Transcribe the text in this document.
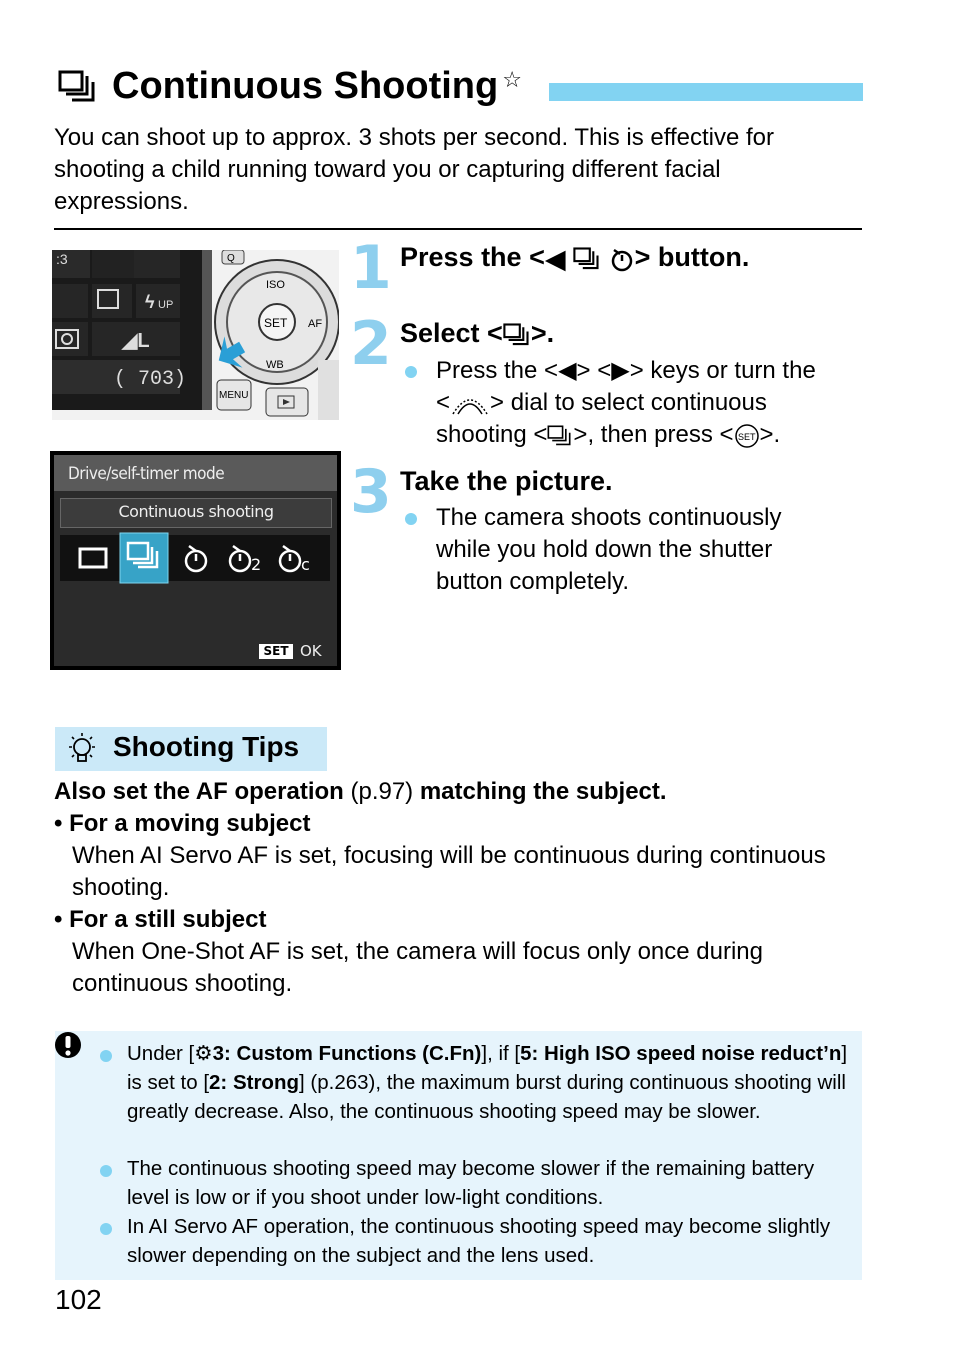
Continuous Shooting ☆
You can shoot up to approx. 3 shots per second. This is effective for shooting a child running toward you or capturing different facial expressions.
:3
ϟ UP
◢L
( 703)
Q
SET
ISO
AF
WB
MENU
Drive/self-timer mode
Continuous shooting
2 c
SET OK
1 Press the <◀	> button.
2 Select < >.
Press the <◀> <▶> keys or turn the
< > dial to select continuous
shooting < >, then press < SET >.
3 Take the picture.
The camera shoots continuously while you hold down the shutter button completely.
Shooting Tips
Also set the AF operation (p.97) matching the subject.
• For a moving subject
When AI Servo AF is set, focusing will be continuous during continuous shooting.
• For a still subject
When One-Shot AF is set, the camera will focus only once during continuous shooting.
Under [⚙3: Custom Functions (C.Fn)], if [5: High ISO speed noise reduct’n] is set to [2: Strong] (p.263), the maximum burst during continuous shooting will greatly decrease. Also, the continuous shooting speed may be slower.
The continuous shooting speed may become slower if the remaining battery level is low or if you shoot under low-light conditions.
In AI Servo AF operation, the continuous shooting speed may become slightly slower depending on the subject and the lens used.
102
